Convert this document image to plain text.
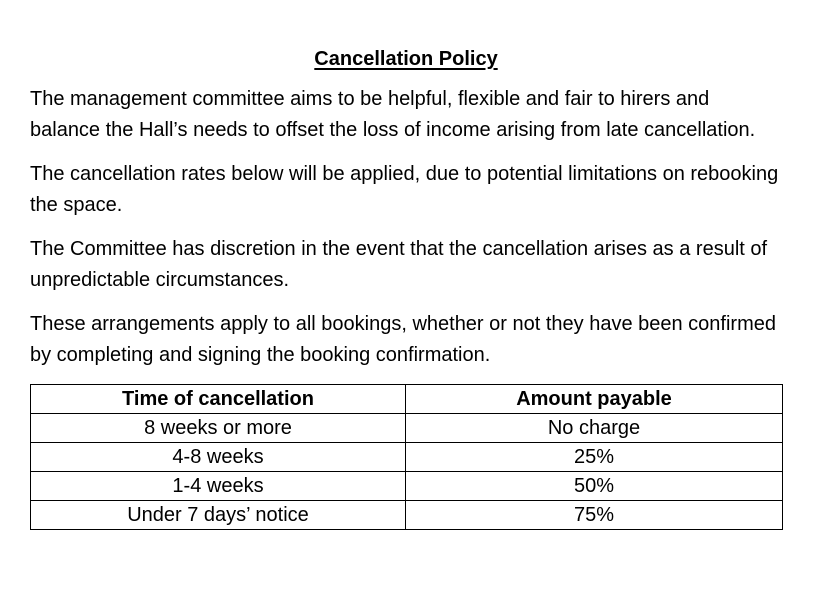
Cancellation Policy

The management committee aims to be helpful, flexible and fair to hirers and balance the Hall’s needs to offset the loss of income arising from late cancellation.

The cancellation rates below will be applied, due to potential limitations on rebooking the space.

The Committee has discretion in the event that the cancellation arises as a result of unpredictable circumstances.

These arrangements apply to all bookings, whether or not they have been confirmed by completing and signing the booking confirmation.

Time of cancellation	Amount payable
8 weeks or more	No charge
4-8 weeks	25%
1-4 weeks	50%
Under 7 days’ notice	75%
